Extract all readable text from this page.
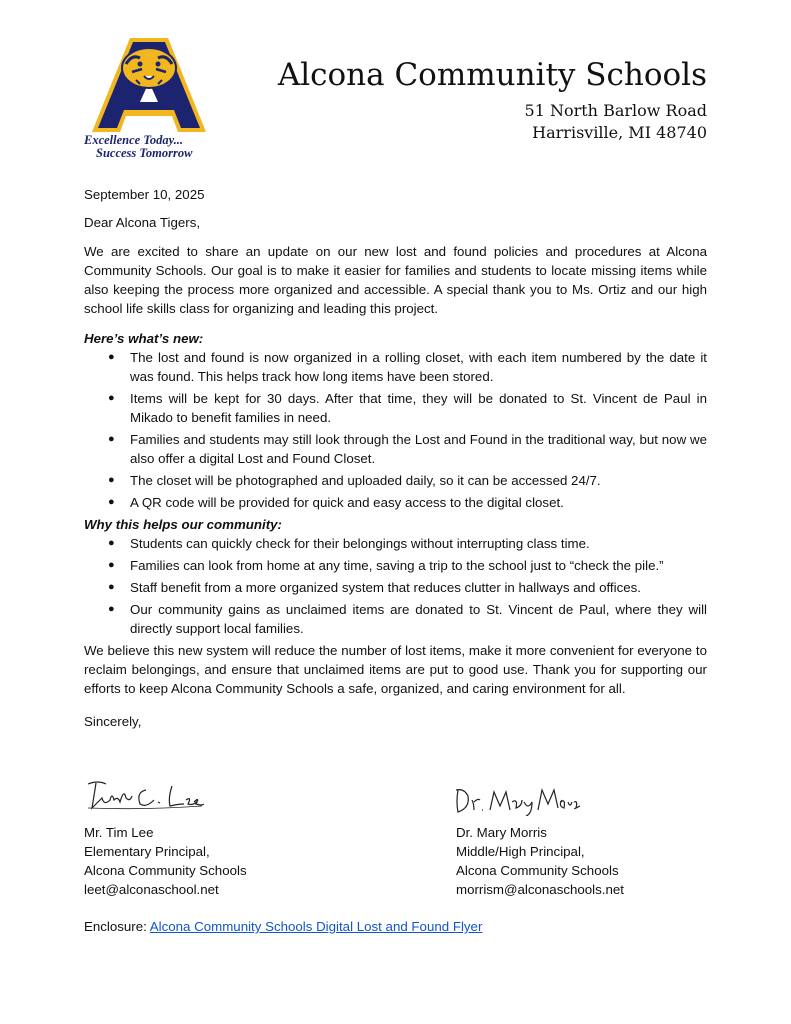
Excellence Today...
Success Tomorrow
Alcona Community Schools
51 North Barlow Road
Harrisville, MI 48740
September 10, 2025
Dear Alcona Tigers,

We are excited to share an update on our new lost and found policies and procedures at Alcona Community Schools. Our goal is to make it easier for families and students to locate missing items while also keeping the process more organized and accessible. A special thank you to Ms. Ortiz and our high school life skills class for organizing and leading this project.

Here’s what’s new:
● The lost and found is now organized in a rolling closet, with each item numbered by the date it was found. This helps track how long items have been stored.
● Items will be kept for 30 days. After that time, they will be donated to St. Vincent de Paul in Mikado to benefit families in need.
● Families and students may still look through the Lost and Found in the traditional way, but now we also offer a digital Lost and Found Closet.
● The closet will be photographed and uploaded daily, so it can be accessed 24/7.
● A QR code will be provided for quick and easy access to the digital closet.
Why this helps our community:
● Students can quickly check for their belongings without interrupting class time.
● Families can look from home at any time, saving a trip to the school just to “check the pile.”
● Staff benefit from a more organized system that reduces clutter in hallways and offices.
● Our community gains as unclaimed items are donated to St. Vincent de Paul, where they will directly support local families.

We believe this new system will reduce the number of lost items, make it more convenient for everyone to reclaim belongings, and ensure that unclaimed items are put to good use. Thank you for supporting our efforts to keep Alcona Community Schools a safe, organized, and caring environment for all.

Sincerely,
Mr. Tim Lee
Elementary Principal,
Alcona Community Schools
leet@alconaschool.net
Dr. Mary Morris
Middle/High Principal,
Alcona Community Schools
morrism@alconaschools.net
Enclosure: Alcona Community Schools Digital Lost and Found Flyer
